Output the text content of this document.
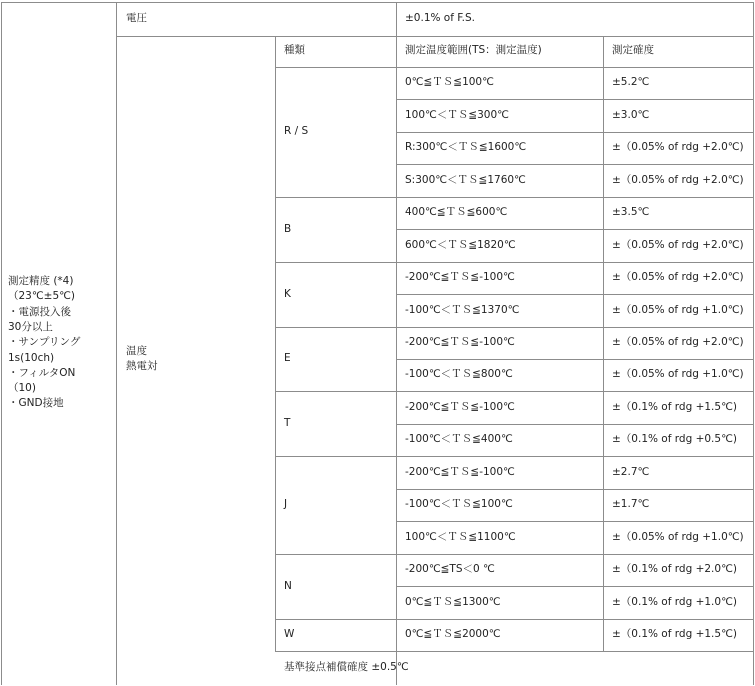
電圧	±0.1% of F.S.
測定精度 (*4)
（23℃±5℃)
・電源投入後
30分以上
・サンプリング
1s(10ch)
・フィルタON
（10)
・GND接地
温度
熱電対
種類	測定温度範囲(TS：測定温度)	測定確度
R / S
0℃≦ＴＳ≦100℃	±5.2℃
100℃＜ＴＳ≦300℃	±3.0℃
R:300℃＜ＴＳ≦1600℃	±（0.05% of rdg +2.0℃)
S:300℃＜ＴＳ≦1760℃	±（0.05% of rdg +2.0℃)
B
400℃≦ＴＳ≦600℃	±3.5℃
600℃＜ＴＳ≦1820℃	±（0.05% of rdg +2.0℃)
K
-200℃≦ＴＳ≦-100℃	±（0.05% of rdg +2.0℃)
-100℃＜ＴＳ≦1370℃	±（0.05% of rdg +1.0℃)
E
-200℃≦ＴＳ≦-100℃	±（0.05% of rdg +2.0℃)
-100℃＜ＴＳ≦800℃	±（0.05% of rdg +1.0℃)
T
-200℃≦ＴＳ≦-100℃	±（0.1% of rdg +1.5℃)
-100℃＜ＴＳ≦400℃	±（0.1% of rdg +0.5℃)
J
-200℃≦ＴＳ≦-100℃	±2.7℃
-100℃＜ＴＳ≦100℃	±1.7℃
100℃＜ＴＳ≦1100℃	±（0.05% of rdg +1.0℃)
N
-200℃≦TS＜0 ℃	±（0.1% of rdg +2.0℃)
0℃≦ＴＳ≦1300℃	±（0.1% of rdg +1.0℃)
W	0℃≦ＴＳ≦2000℃	±（0.1% of rdg +1.5℃)
基準接点補償確度 ±0.5℃
